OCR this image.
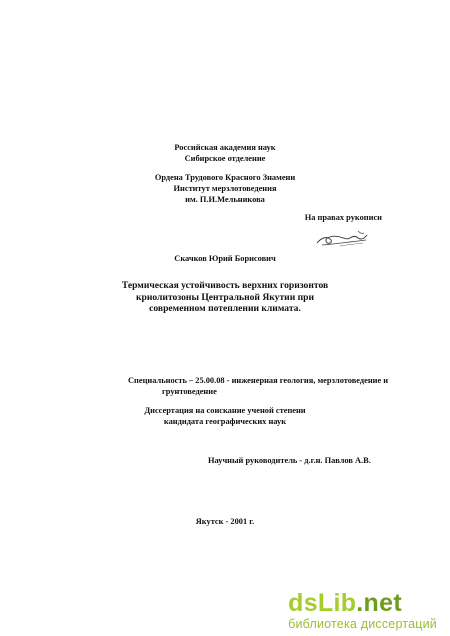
Российская академия наук
Сибирское отделение
Ордена Трудового Красного Знамени
Институт мерзлотоведения
им. П.И.Мельникова
На правах рукописи
Скачков Юрий Борисович
Термическая устойчивость верхних горизонтов
криолитозоны Центральной Якутии при
современном потеплении климата.
Специальность – 25.00.08 - инженерная геология, мерзлотоведение и
грунтоведение
Диссертация на соискание ученой степени
кандидата географических наук
Научный руководитель - д.г.н. Павлов А.В.
Якутск - 2001 г.
dsLib.net
библиотека диссертаций
